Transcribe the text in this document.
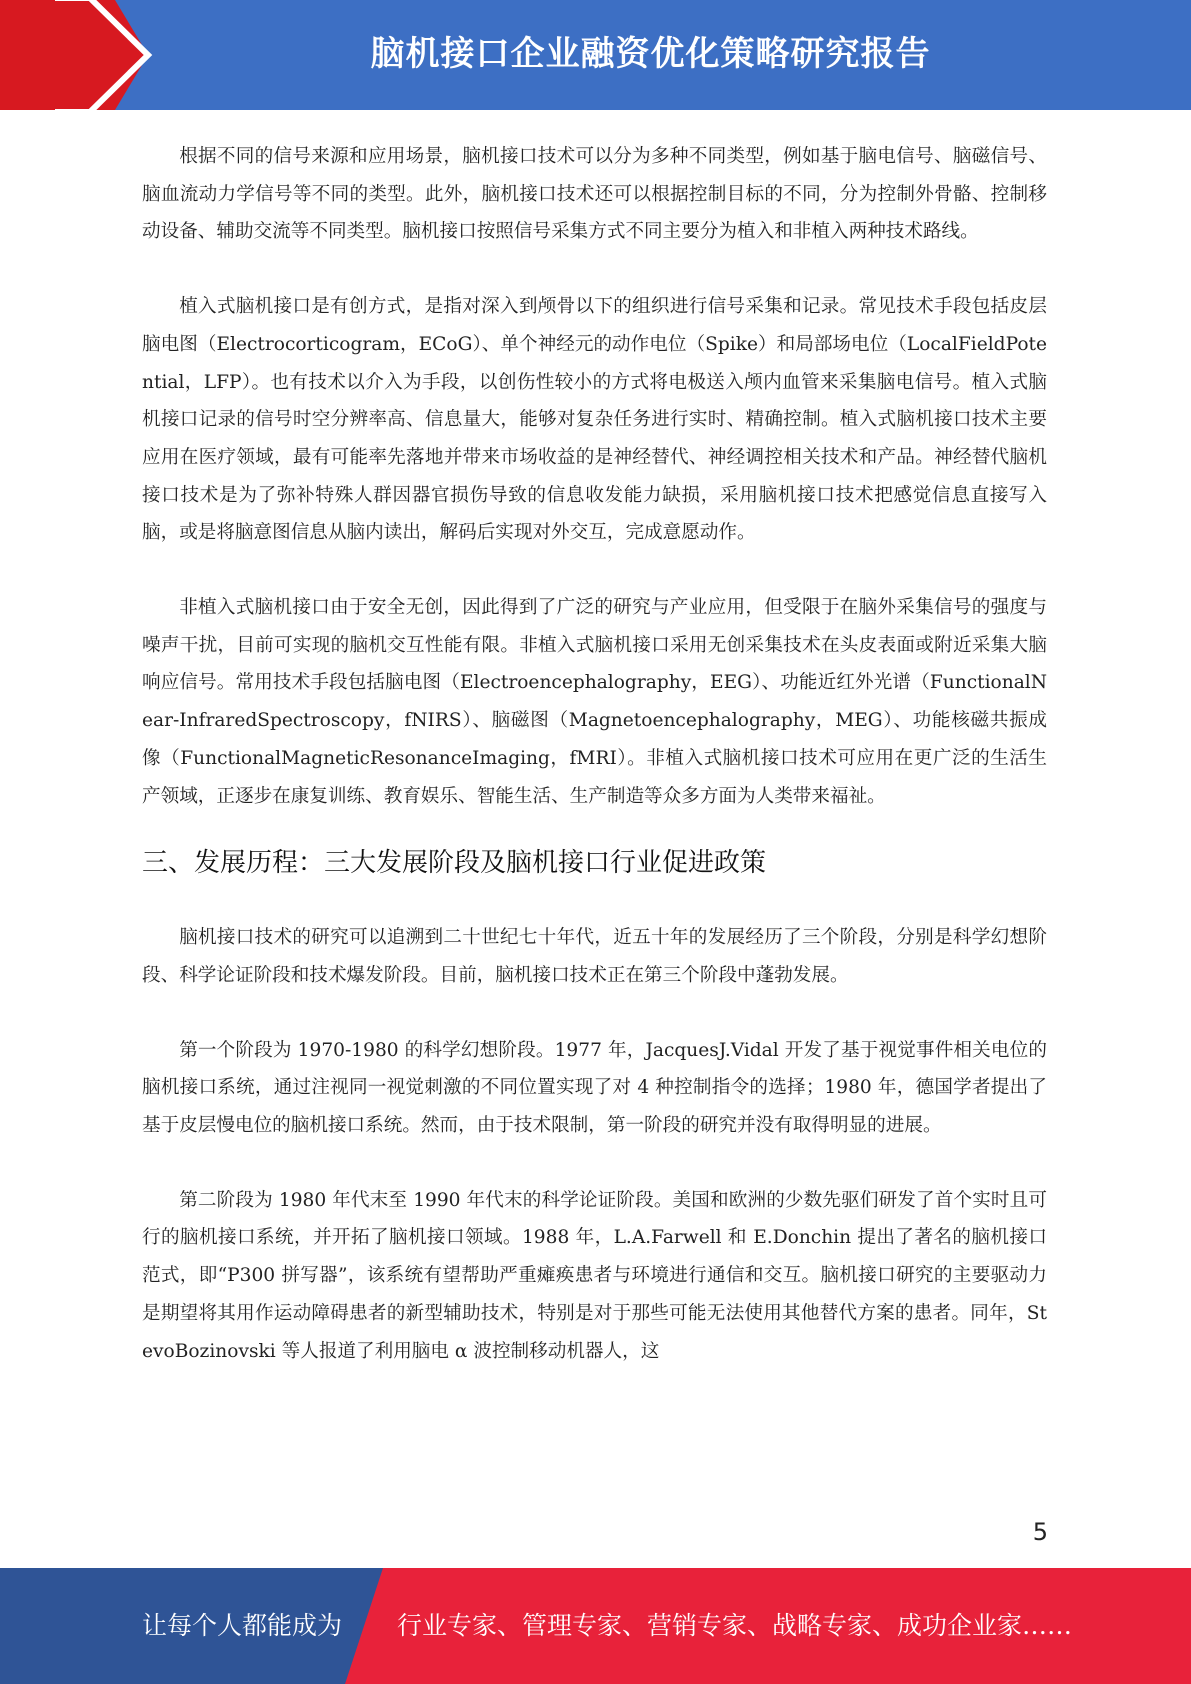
脑机接口企业融资优化策略研究报告

根据不同的信号来源和应用场景，脑机接口技术可以分为多种不同类型，例如基于脑电信号、脑磁信号、脑血流动力学信号等不同的类型。此外，脑机接口技术还可以根据控制目标的不同，分为控制外骨骼、控制移动设备、辅助交流等不同类型。脑机接口按照信号采集方式不同主要分为植入和非植入两种技术路线。

植入式脑机接口是有创方式，是指对深入到颅骨以下的组织进行信号采集和记录。常见技术手段包括皮层脑电图（Electrocorticogram，ECoG）、单个神经元的动作电位（Spike）和局部场电位（LocalFieldPotential，LFP）。也有技术以介入为手段，以创伤性较小的方式将电极送入颅内血管来采集脑电信号。植入式脑机接口记录的信号时空分辨率高、信息量大，能够对复杂任务进行实时、精确控制。植入式脑机接口技术主要应用在医疗领域，最有可能率先落地并带来市场收益的是神经替代、神经调控相关技术和产品。神经替代脑机接口技术是为了弥补特殊人群因器官损伤导致的信息收发能力缺损，采用脑机接口技术把感觉信息直接写入脑，或是将脑意图信息从脑内读出，解码后实现对外交互，完成意愿动作。

非植入式脑机接口由于安全无创，因此得到了广泛的研究与产业应用，但受限于在脑外采集信号的强度与噪声干扰，目前可实现的脑机交互性能有限。非植入式脑机接口采用无创采集技术在头皮表面或附近采集大脑响应信号。常用技术手段包括脑电图（Electroencephalography，EEG）、功能近红外光谱（FunctionalNear-InfraredSpectroscopy，fNIRS）、脑磁图（Magnetoencephalography，MEG）、功能核磁共振成像（FunctionalMagneticResonanceImaging，fMRI）。非植入式脑机接口技术可应用在更广泛的生活生产领域，正逐步在康复训练、教育娱乐、智能生活、生产制造等众多方面为人类带来福祉。

三、发展历程：三大发展阶段及脑机接口行业促进政策

脑机接口技术的研究可以追溯到二十世纪七十年代，近五十年的发展经历了三个阶段，分别是科学幻想阶段、科学论证阶段和技术爆发阶段。目前，脑机接口技术正在第三个阶段中蓬勃发展。

第一个阶段为 1970-1980 的科学幻想阶段。1977 年，JacquesJ.Vidal 开发了基于视觉事件相关电位的脑机接口系统，通过注视同一视觉刺激的不同位置实现了对 4 种控制指令的选择；1980 年，德国学者提出了基于皮层慢电位的脑机接口系统。然而，由于技术限制，第一阶段的研究并没有取得明显的进展。

第二阶段为 1980 年代末至 1990 年代末的科学论证阶段。美国和欧洲的少数先驱们研发了首个实时且可行的脑机接口系统，并开拓了脑机接口领域。1988 年，L.A.Farwell 和 E.Donchin 提出了著名的脑机接口范式，即“P300 拼写器”，该系统有望帮助严重瘫痪患者与环境进行通信和交互。脑机接口研究的主要驱动力是期望将其用作运动障碍患者的新型辅助技术，特别是对于那些可能无法使用其他替代方案的患者。同年，StevoBozinovski 等人报道了利用脑电 α 波控制移动机器人，这

5
让每个人都能成为 行业专家、管理专家、营销专家、战略专家、成功企业家……
